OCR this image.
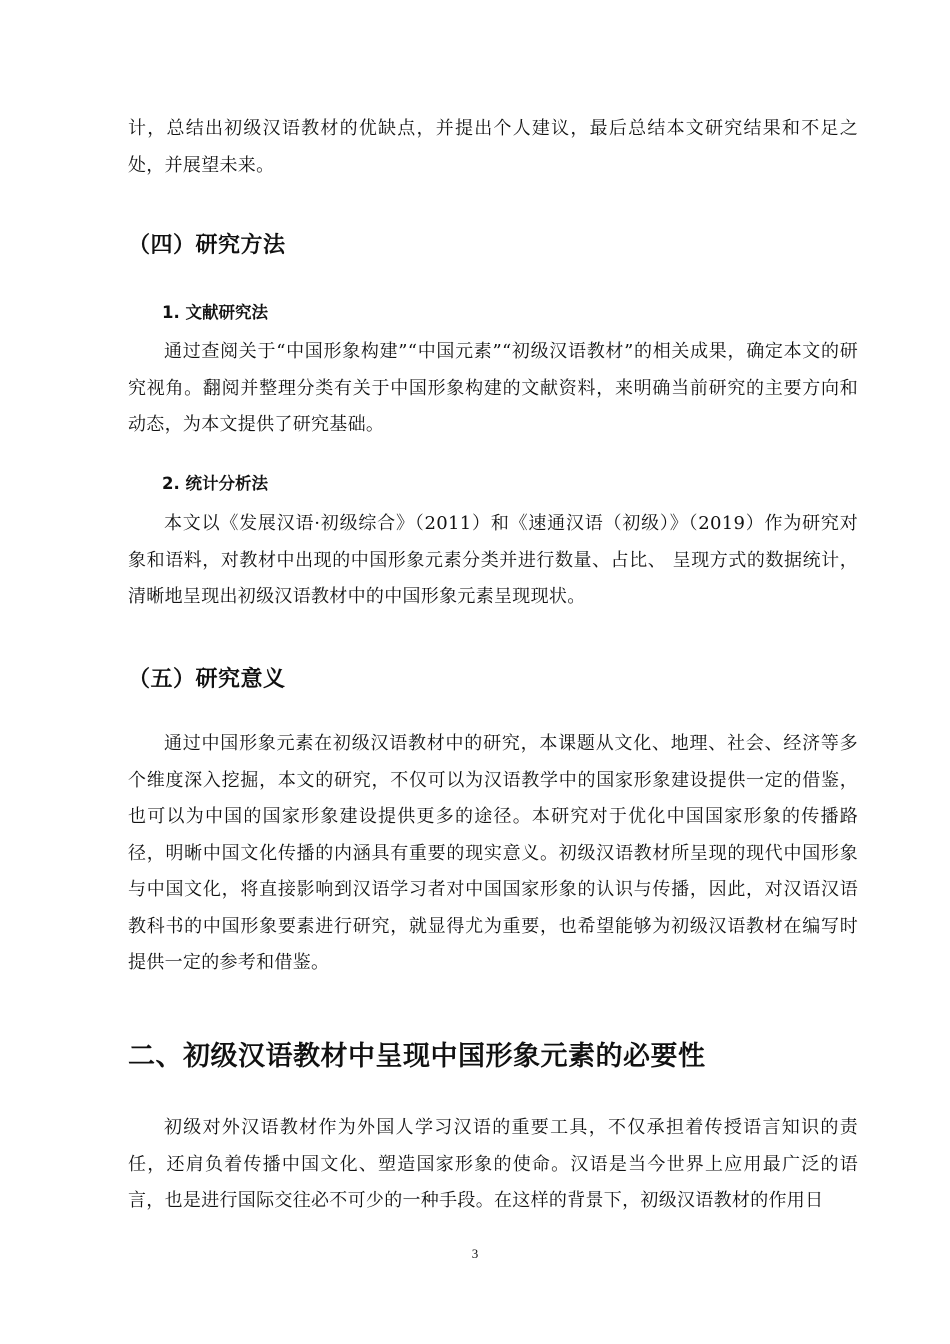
计，总结出初级汉语教材的优缺点，并提出个人建议，最后总结本文研究结果和不足之处，并展望未来。

（四）研究方法
1. 文献研究法

通过查阅关于“中国形象构建”“中国元素”“初级汉语教材”的相关成果，确定本文的研究视角。翻阅并整理分类有关于中国形象构建的文献资料，来明确当前研究的主要方向和动态，为本文提供了研究基础。

2. 统计分析法

本文以《发展汉语·初级综合》（2011）和《速通汉语（初级）》（2019）作为研究对象和语料，对教材中出现的中国形象元素分类并进行数量、占比、 呈现方式的数据统计，清晰地呈现出初级汉语教材中的中国形象元素呈现现状。

（五）研究意义

通过中国形象元素在初级汉语教材中的研究，本课题从文化、地理、社会、经济等多个维度深入挖掘，本文的研究，不仅可以为汉语教学中的国家形象建设提供一定的借鉴，也可以为中国的国家形象建设提供更多的途径。本研究对于优化中国国家形象的传播路径，明晰中国文化传播的内涵具有重要的现实意义。初级汉语教材所呈现的现代中国形象与中国文化，将直接影响到汉语学习者对中国国家形象的认识与传播，因此，对汉语汉语教科书的中国形象要素进行研究，就显得尤为重要，也希望能够为初级汉语教材在编写时提供一定的参考和借鉴。

二、初级汉语教材中呈现中国形象元素的必要性

初级对外汉语教材作为外国人学习汉语的重要工具，不仅承担着传授语言知识的责任，还肩负着传播中国文化、塑造国家形象的使命。汉语是当今世界上应用最广泛的语言，也是进行国际交往必不可少的一种手段。在这样的背景下，初级汉语教材的作用日

3
